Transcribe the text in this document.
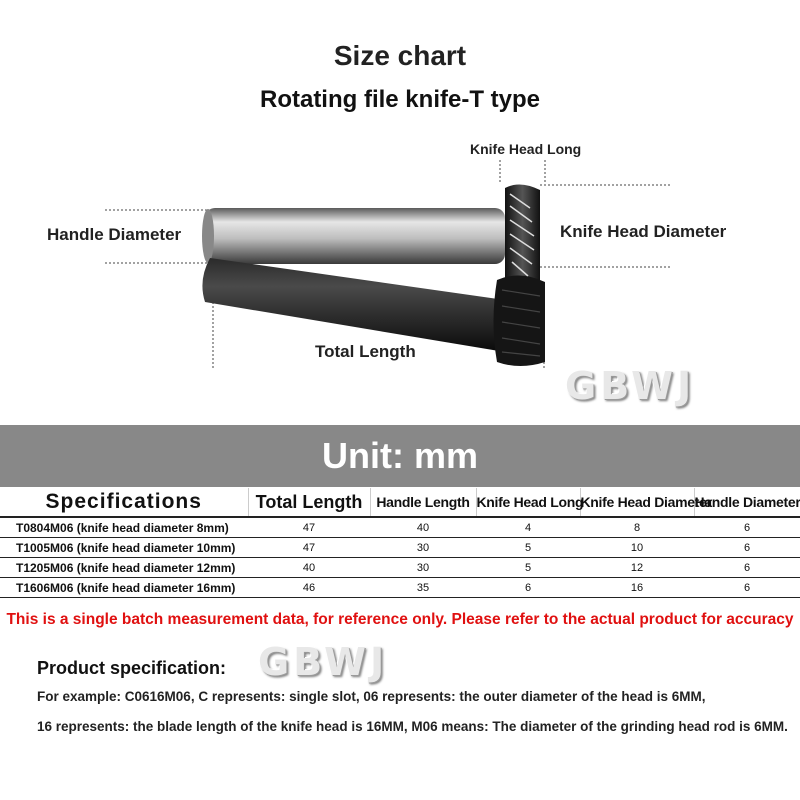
Size chart
Rotating file knife-T type
Knife Head Long
Handle Diameter	Knife Head Diameter
Total Length
GBWJ
Unit: mm
Specifications	Total Length	Handle Length	Knife Head Long	Knife Head Diameter	Handle Diameter
T0804M06 (knife head diameter 8mm)	47	40	4	8	6
T1005M06 (knife head diameter 10mm)	47	30	5	10	6
T1205M06 (knife head diameter 12mm)	40	30	5	12	6
T1606M06 (knife head diameter 16mm)	46	35	6	16	6
This is a single batch measurement data, for reference only. Please refer to the actual product for accuracy
Product specification: GBWJ
For example: C0616M06, C represents: single slot, 06 represents: the outer diameter of the head is 6MM,
16 represents: the blade length of the knife head is 16MM, M06 means: The diameter of the grinding head rod is 6MM.
